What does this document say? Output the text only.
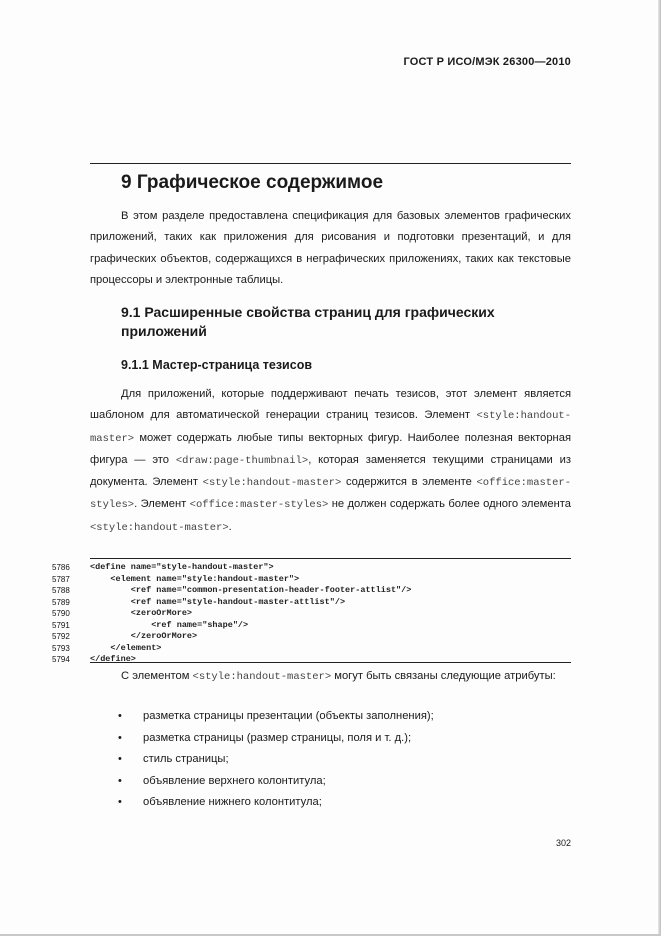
ГОСТ Р ИСО/МЭК 26300—2010
9 Графическое содержимое

В этом разделе предоставлена спецификация для базовых элементов графических приложений, таких как приложения для рисования и подготовки презентаций, и для графических объектов, содержащихся в неграфических приложениях, таких как текстовые процессоры и электронные таблицы.

9.1 Расширенные свойства страниц для графических приложений
9.1.1 Мастер-страница тезисов

Для приложений, которые поддерживают печать тезисов, этот элемент является шаблоном для автоматической генерации страниц тезисов. Элемент <style:handout-master> может содержать любые типы векторных фигур. Наиболее полезная векторная фигура — это <draw:page-thumbnail>, которая заменяется текущими страницами из документа. Элемент <style:handout-master> содержится в элементе <office:master-styles>. Элемент <office:master-styles> не должен содержать более одного элемента <style:handout-master>.

5786	<define name="style-handout-master">
5787	<element name="style:handout-master">
5788	<ref name="common-presentation-header-footer-attlist"/>
5789	<ref name="style-handout-master-attlist"/>
5790	<zeroOrMore>
5791	<ref name="shape"/>
5792	</zeroOrMore>
5793	</element>
5794	</define>

С элементом <style:handout-master> могут быть связаны следующие атрибуты:

• разметка страницы презентации (объекты заполнения);
• разметка страницы (размер страницы, поля и т. д.);
• стиль страницы;
• объявление верхнего колонтитула;
• объявление нижнего колонтитула;
302
